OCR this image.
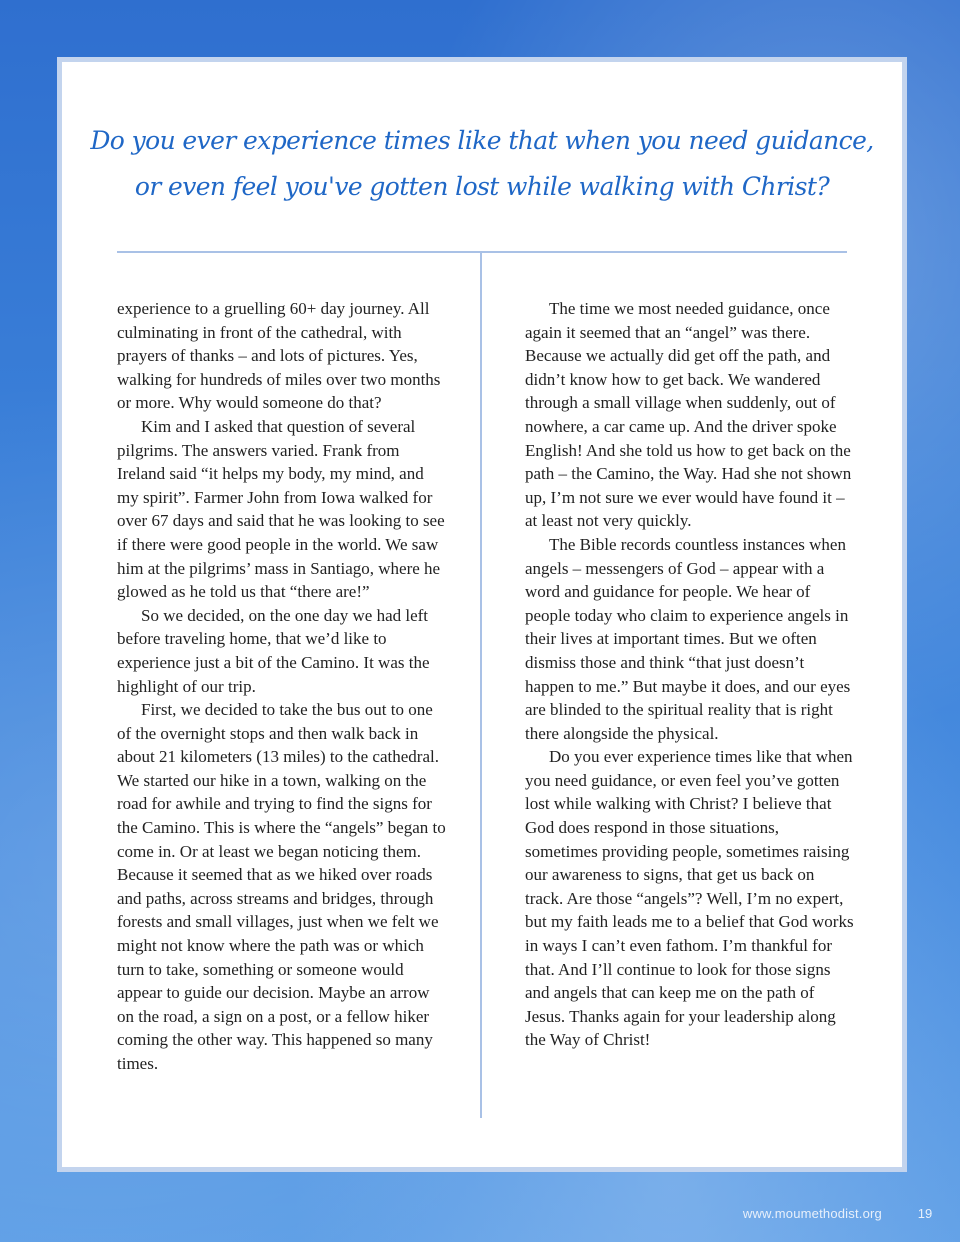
Do you ever experience times like that when you need guidance,
or even feel you've gotten lost while walking with Christ?

experience to a gruelling 60+ day journey. All culminating in front of the cathedral, with prayers of thanks – and lots of pictures. Yes, walking for hundreds of miles over two months or more. Why would someone do that?

Kim and I asked that question of several pilgrims. The answers varied. Frank from Ireland said “it helps my body, my mind, and my spirit”. Farmer John from Iowa walked for over 67 days and said that he was looking to see if there were good people in the world. We saw him at the pilgrims’ mass in Santiago, where he glowed as he told us that “there are!”

So we decided, on the one day we had left before traveling home, that we’d like to experience just a bit of the Camino. It was the highlight of our trip.

First, we decided to take the bus out to one of the overnight stops and then walk back in about 21 kilometers (13 miles) to the cathedral. We started our hike in a town, walking on the road for awhile and trying to find the signs for the Camino. This is where the “angels” began to come in. Or at least we began noticing them. Because it seemed that as we hiked over roads and paths, across streams and bridges, through forests and small villages, just when we felt we might not know where the path was or which turn to take, something or someone would appear to guide our decision. Maybe an arrow on the road, a sign on a post, or a fellow hiker coming the other way. This happened so many times.

The time we most needed guidance, once again it seemed that an “angel” was there. Because we actually did get off the path, and didn’t know how to get back. We wandered through a small village when suddenly, out of nowhere, a car came up. And the driver spoke English! And she told us how to get back on the path – the Camino, the Way. Had she not shown up, I’m not sure we ever would have found it – at least not very quickly.

The Bible records countless instances when angels – messengers of God – appear with a word and guidance for people. We hear of people today who claim to experience angels in their lives at important times. But we often dismiss those and think “that just doesn’t happen to me.” But maybe it does, and our eyes are blinded to the spiritual reality that is right there alongside the physical.

Do you ever experience times like that when you need guidance, or even feel you’ve gotten lost while walking with Christ? I believe that God does respond in those situations, sometimes providing people, sometimes raising our awareness to signs, that get us back on track. Are those “angels”? Well, I’m no expert, but my faith leads me to a belief that God works in ways I can’t even fathom. I’m thankful for that. And I’ll continue to look for those signs and angels that can keep me on the path of Jesus. Thanks again for your leadership along the Way of Christ!

www.moumethodist.org	19
